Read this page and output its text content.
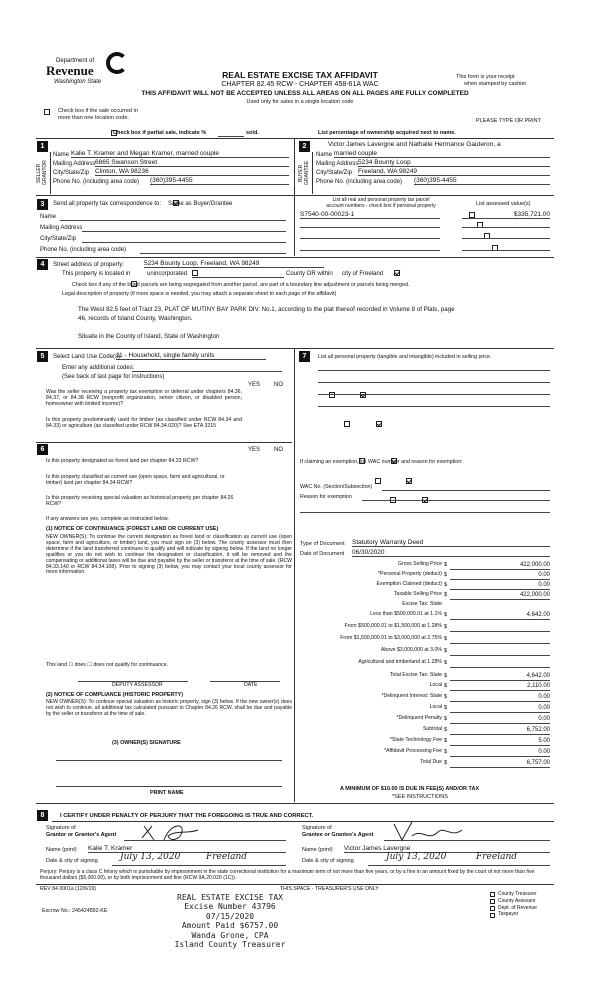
Department of
Revenue
Washington State
REAL ESTATE EXCISE TAX AFFIDAVIT
CHAPTER 82.45 RCW - CHAPTER 458-61A WAC
THIS AFFIDAVIT WILL NOT BE ACCEPTED UNLESS ALL AREAS ON ALL PAGES ARE FULLY COMPLETED
Used only for sales in a single location code
This form is your receipt
when stamped by cashier.

Check box if the sale occurred in
more than one location code.	PLEASE TYPE OR PRINT

Check box if partial sale, indicate %	sold.	List percentage of ownership acquired next to name.
1
SELLER GRANTOR
Name Kalie T. Kramer and Megan Kramer, married couple
Mailing Address 6865 Swanson Street
City/State/Zip Clinton, WA 98236
Phone No. (including area code) (360)395-4455
2
BUYER GRANTEE
Victor James Lavergne and Nathalie Hermance Gauteron, a
Name married couple
Mailing Address 5234 Bounty Loop
City/State/Zip Freeland, WA 98249
Phone No. (including area code) (360)395-4455
3	Send all property tax correspondence to:
Same as Buyer/Grantee
Name
Mailing Address
City/State/Zip
Phone No. (including area code)
List all real and personal property tax parcel
account numbers - check box if personal property	List assessed value(s)
S7540-00-00023-1
	$335,721.00

4	Street address of property:	5234 Bounty Loop, Freeland, WA 98249
This property is located in
	unincorporated	County OR within
city of Freeland

Check box if any of the listed parcels are being segregated from another parcel, are part of a boundary line adjustment or parcels being merged.
Legal description of property (if more space is needed, you may attach a separate sheet to each page of the affidavit)
The West 82.5 feet of Tract 23, PLAT OF MUTINY BAY PARK DIV. No.1, according to the plat thereof recorded in Volume 8 of Plats, page
46, records of Island County, Washington.
Situate in the County of Island, State of Washington
5	Select Land Use Code(s):
11 - Household, single family units
Enter any additional codes:
(See back of last page for instructions)
YES NO
Was the seller receiving a property tax exemption or deferral under chapters 84.36, 84.37, or 84.38 RCW (nonprofit organization, senior citizen, or disabled person, homeowner with limited income)?

Is this property predominantly used for timber (as classified under RCW 84.34 and 84.33) or agriculture (as classified under RCW 84.34.020)? See ETA 3215

6	YES NO
Is this property designated as forest land per chapter 84.33 RCW?

Is this property classified as current use (open space, farm and agricultural, or timber) land per chapter 84.34 RCW?

Is this property receiving special valuation as historical property per chapter 84.26 RCW?

If any answers are yes, complete as instructed below.
(1) NOTICE OF CONTINUANCE (FOREST LAND OR CURRENT USE)
NEW OWNER(S): To continue the current designation as forest land or classification as current use (open space, farm and agriculture, or timber) land, you must sign on (3) below. The county assessor must then determine if the land transferred continues to qualify and will indicate by signing below. If the land no longer qualifies or you do not wish to continue the designation or classification, it will be removed and the compensating or additional taxes will be due and payable by the seller or transferor at the time of sale. (RCW 84.33.140 or RCW 84.34.108). Prior to signing (3) below, you may contact your local county assessor for more information.
This land ☐ does ☐ does not qualify for continuance.
DEPUTY ASSESSOR	DATE
(2) NOTICE OF COMPLIANCE (HISTORIC PROPERTY)
NEW OWNER(S): To continue special valuation as historic property, sign (3) below. If the new owner(s) does not wish to continue, all additional tax calculated pursuant to Chapter 84.26 RCW, shall be due and payable by the seller or transferor at the time of sale.
(3) OWNER(S) SIGNATURE
PRINT NAME
7	List all personal property (tangible and intangible) included in selling price.
If claiming an exemption, list WAC number and reason for exemption:
WAC No. (Section/Subsection)
Reason for exemption
Type of Document Statutory Warranty Deed
Date of Document 06/30/2020
Gross Selling Price $	422,000.00
*Personal Property (deduct) $	0.00
Exemption Claimed (deduct) $	0.00
Taxable Selling Price $	422,000.00
Excise Tax: State
Less than $500,000.01 at 1.1% $	4,642.00
From $500,000.01 to $1,500,000 at 1.28% $
From $1,500,000.01 to $3,000,000 at 2.75% $
Above $3,000,000 at 3.0% $
Agricultural and timberland at 1.28% $
Total Excise Tax: State $	4,642.00
Local $	2,110.00
*Delinquent Interest: State $	0.00
Local $	0.00
*Delinquent Penalty $	0.00
Subtotal $	6,752.00
*State Technology Fee $	5.00
*Affidavit Processing Fee $	0.00
Total Due $	6,757.00
A MINIMUM OF $10.00 IS DUE IN FEE(S) AND/OR TAX
*SEE INSTRUCTIONS
8	I CERTIFY UNDER PENALTY OF PERJURY THAT THE FOREGOING IS TRUE AND CORRECT.
Signature of
Grantor or Grantor's Agent
Name (print) Kalie T. Kramer
Date & city of signing July 13, 2020	Freeland
Signature of
Grantee or Grantee's Agent
Name (print) Victor James Lavergne
Date & city of signing	July 13, 2020	Freeland
Perjury: Perjury is a class C felony which is punishable by imprisonment in the state correctional institution for a maximum term of not more than five years, or by a fine in an amount fixed by the court of not more than five thousand dollars ($5,000.00), or by both imprisonment and fine (RCW 9A.20.020 (1C)).
REV 84 0001a (12/6/19)
Escrow No.: 245424892-KE
THIS SPACE - TREASURER'S USE ONLY
County Treasurer
County Assessor
Dept. of Revenue
Taxpayer
REAL ESTATE EXCISE TAX
Excise Number 43796
07/15/2020
Amount Paid $6757.00
Wanda Grone, CPA
Island County Treasurer
